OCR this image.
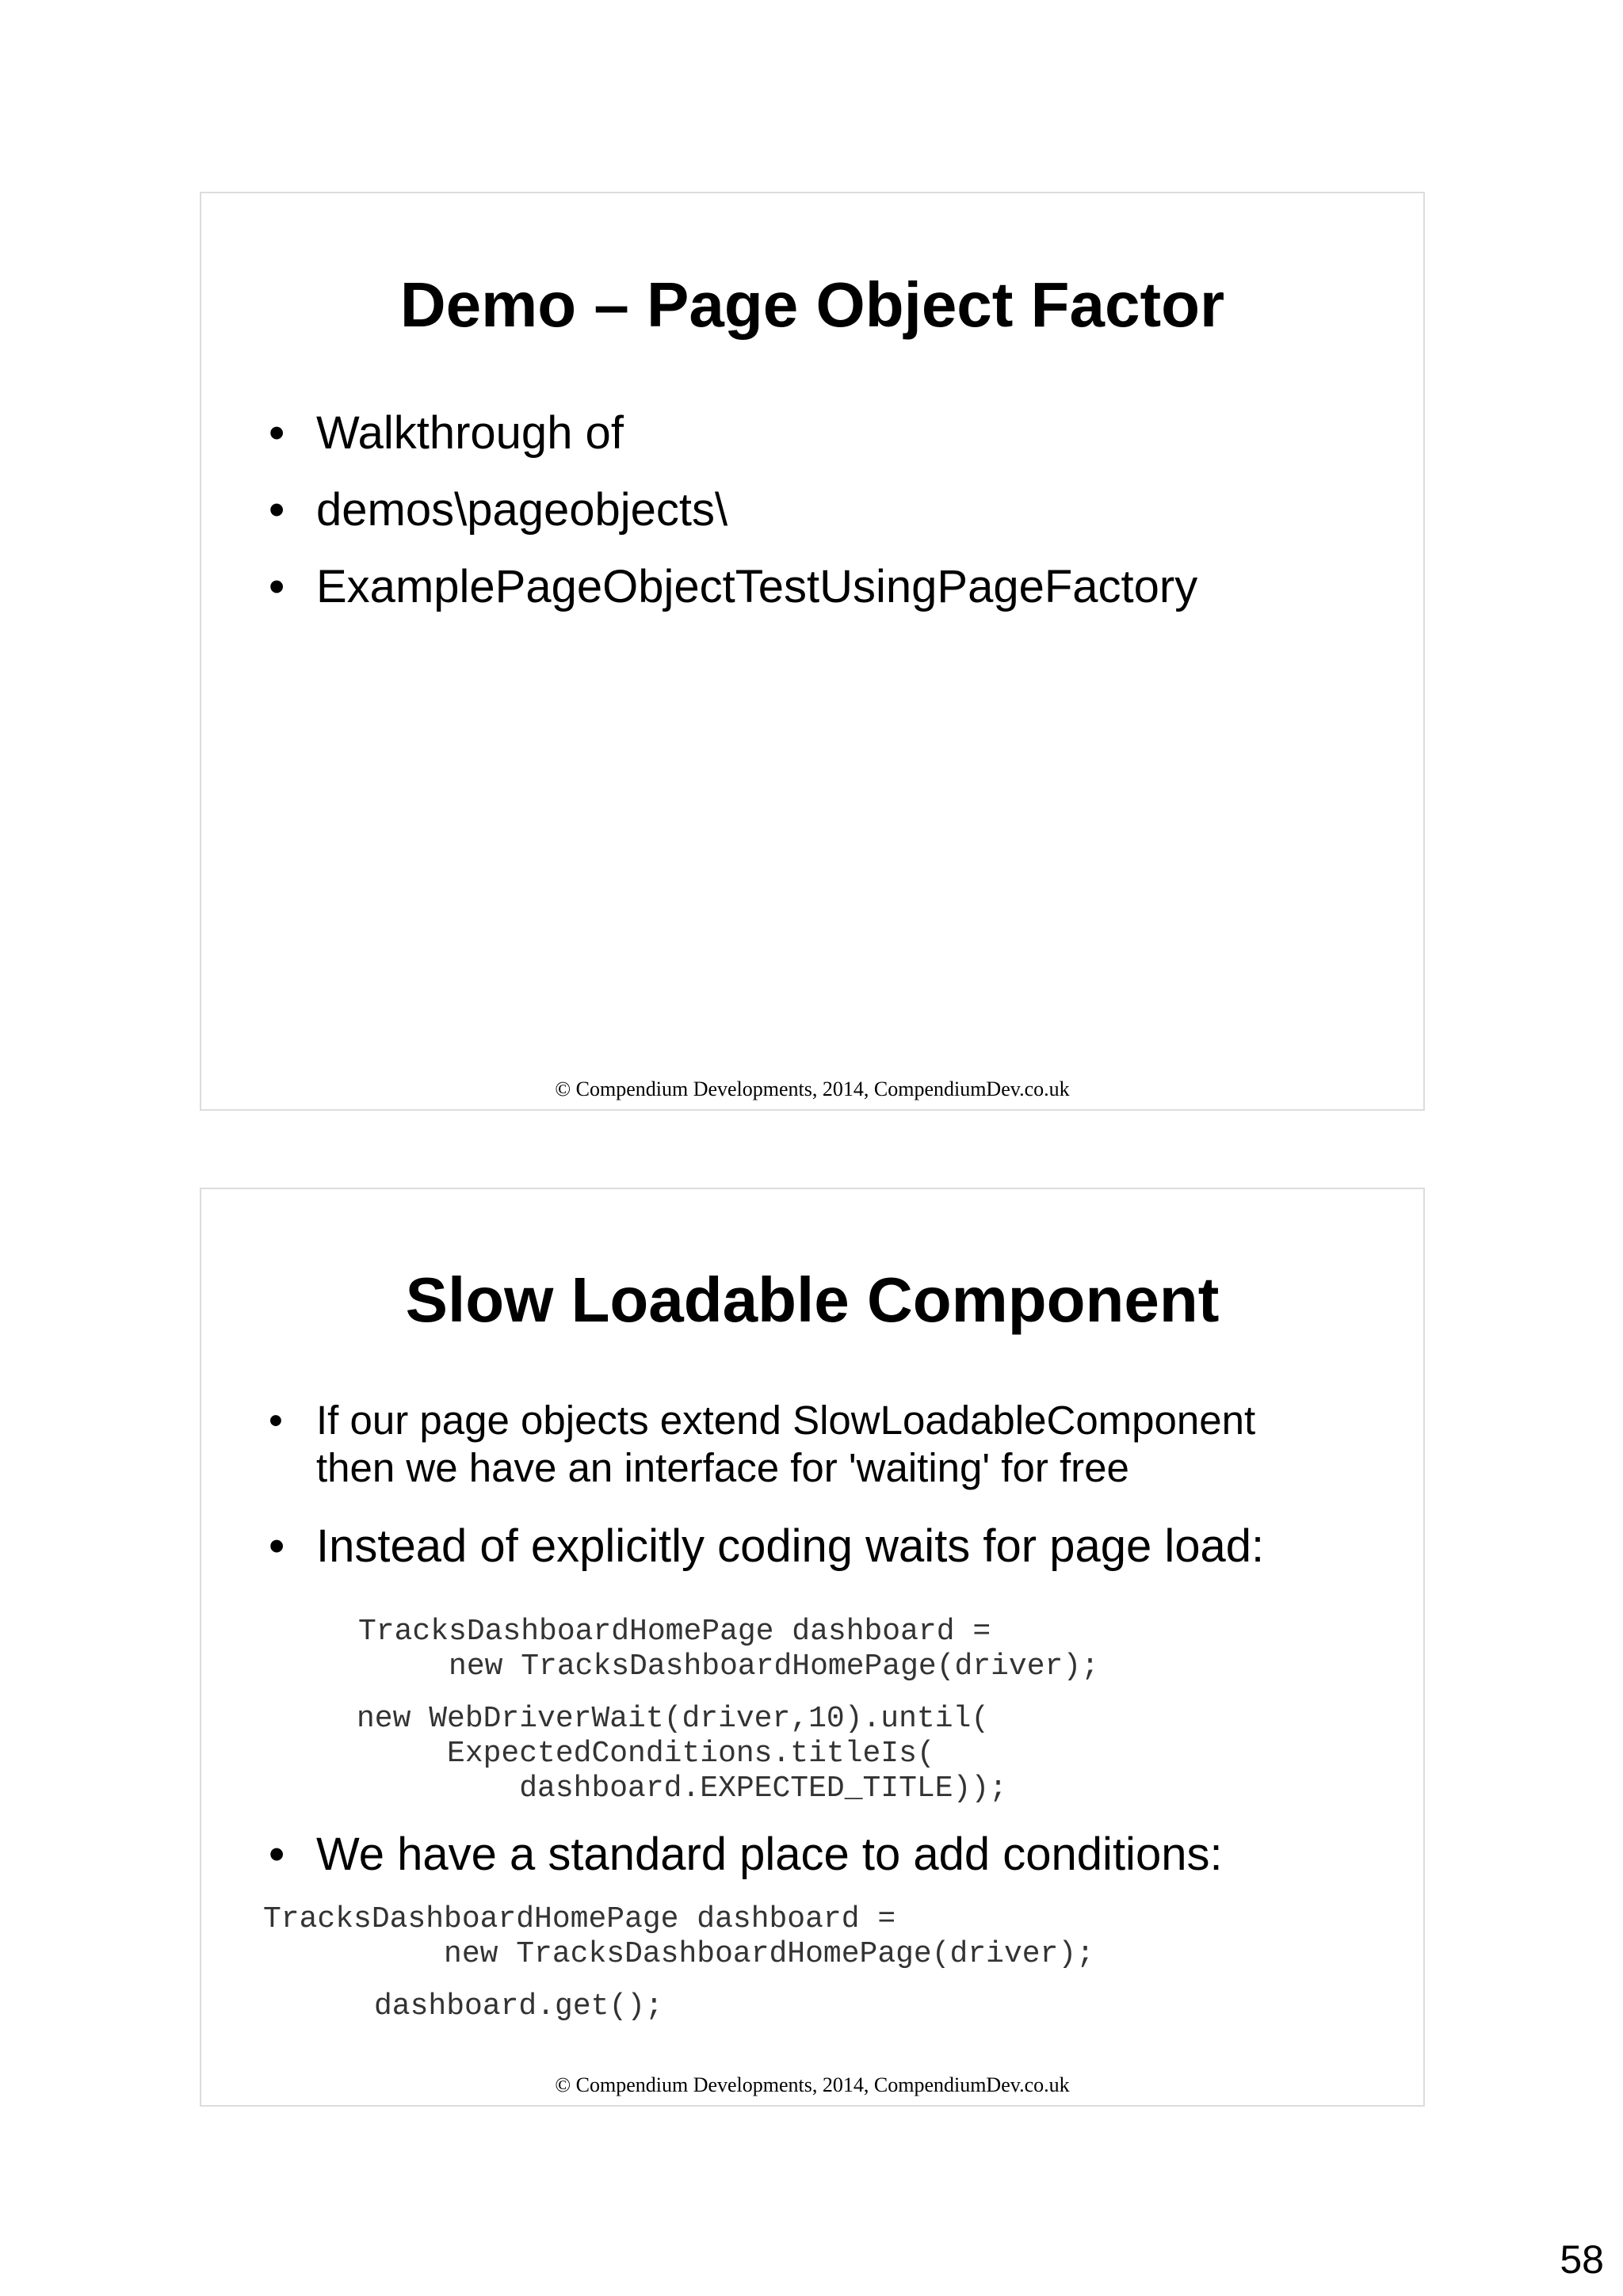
Demo – Page Object Factor
• Walkthrough of
• demos\pageobjects\
• ExamplePageObjectTestUsingPageFactory
© Compendium Developments, 2014, CompendiumDev.co.uk
Slow Loadable Component
• If our page objects extend SlowLoadableComponent
then we have an interface for 'waiting' for free
• Instead of explicitly coding waits for page load:
TracksDashboardHomePage dashboard =
new TracksDashboardHomePage(driver);
new WebDriverWait(driver,10).until(
ExpectedConditions.titleIs(
dashboard.EXPECTED_TITLE));
• We have a standard place to add conditions:
TracksDashboardHomePage dashboard =
new TracksDashboardHomePage(driver);
dashboard.get();
© Compendium Developments, 2014, CompendiumDev.co.uk
58
